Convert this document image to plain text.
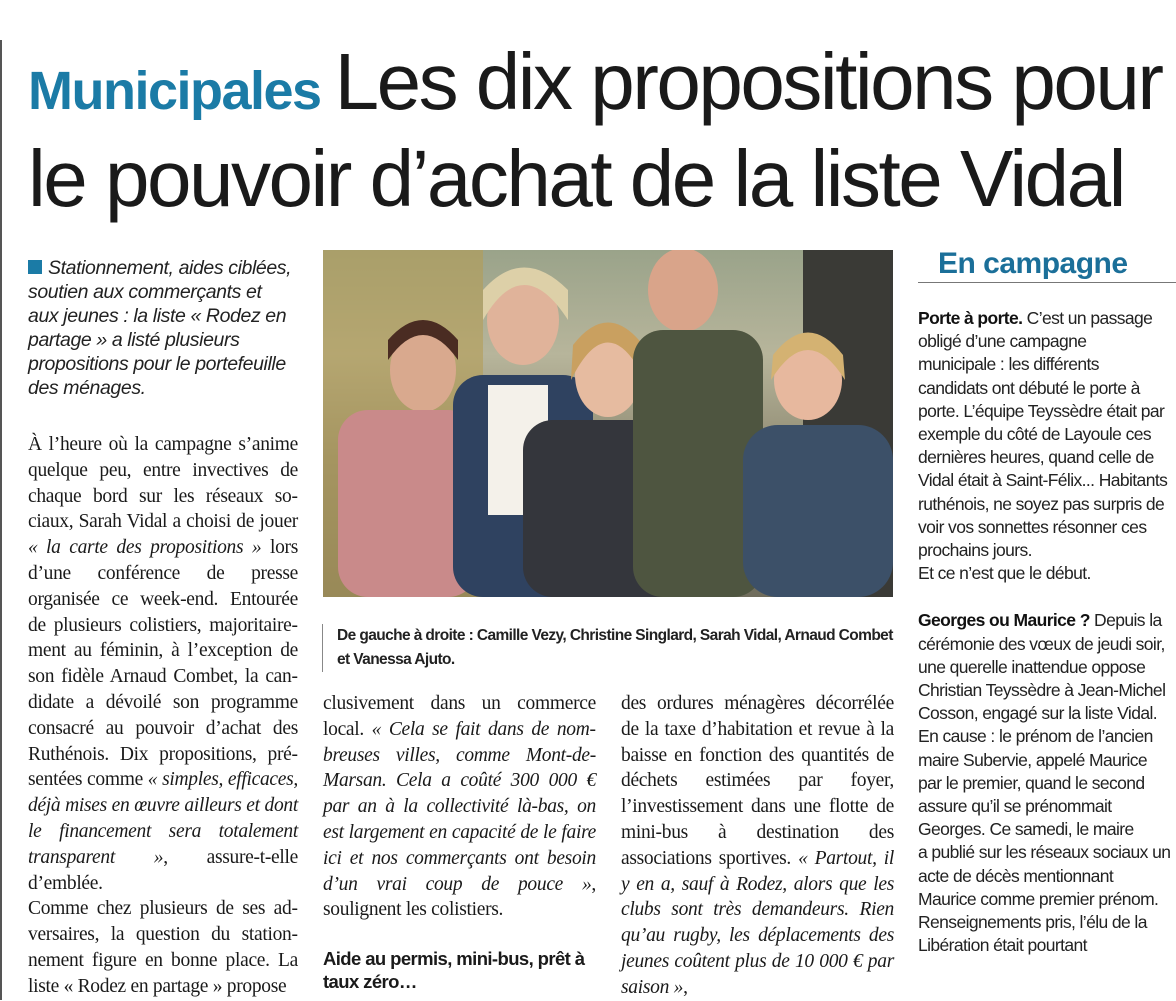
Municipales Les dix propositions pour
le pouvoir d’achat de la liste Vidal
Stationnement, aides ciblées, soutien aux commerçants et aux jeunes : la liste « Rodez en partage » a listé plusieurs propositions pour le portefeuille des ménages.

À l’heure où la campagne s’anime quelque peu, entre invectives de chaque bord sur les réseaux sociaux, Sarah Vidal a choisi de jouer « la carte des propositions » lors d’une conférence de presse organisée ce week-end. Entourée de plusieurs colistiers, majoritairement au féminin, à l’exception de son fidèle Arnaud Combet, la candidate a dévoilé son programme consacré au pouvoir d’achat des Ruthénois. Dix propositions, présentées comme « simples, efficaces, déjà mises en œuvre ailleurs et dont le financement sera totalement transparent », assure-t-elle d’emblée.

Comme chez plusieurs de ses adversaires, la question du stationnement figure en bonne place. La liste « Rodez en partage » propose

De gauche à droite : Camille Vezy, Christine Singlard, Sarah Vidal, Arnaud Combet et Vanessa Ajuto.

clusivement dans un commerce local. « Cela se fait dans de nombreuses villes, comme Mont-de-Marsan. Cela a coûté 300 000 € par an à la collectivité là-bas, on est largement en capacité de le faire ici et nos commerçants ont besoin d’un vrai coup de pouce », soulignent les colistiers.

Aide au permis, mini-bus, prêt à taux zéro…

des ordures ménagères décorrélée de la taxe d’habitation et revue à la baisse en fonction des quantités de déchets estimées par foyer, l’investissement dans une flotte de mini-bus à destination des associations sportives. « Partout, il y en a, sauf à Rodez, alors que les clubs sont très demandeurs. Rien qu’au rugby, les déplacements des jeunes coûtent plus de 10 000 € par saison »,

En campagne

Porte à porte. C’est un passage
obligé d’une campagne
municipale : les différents
candidats ont débuté le porte à
porte. L’équipe Teyssèdre était par
exemple du côté de Layoule ces
dernières heures, quand celle de
Vidal était à Saint-Félix... Habitants
ruthénois, ne soyez pas surpris de
voir vos sonnettes résonner ces
prochains jours.

Et ce n’est que le début.

Georges ou Maurice ? Depuis la
cérémonie des vœux de jeudi soir,
une querelle inattendue oppose
Christian Teyssèdre à Jean-Michel
Cosson, engagé sur la liste Vidal.
En cause : le prénom de l’ancien
maire Subervie, appelé Maurice
par le premier, quand le second
assure qu’il se prénommait
Georges. Ce samedi, le maire
a publié sur les réseaux sociaux un
acte de décès mentionnant
Maurice comme premier prénom.
Renseignements pris, l’élu de la
Libération était pourtant
